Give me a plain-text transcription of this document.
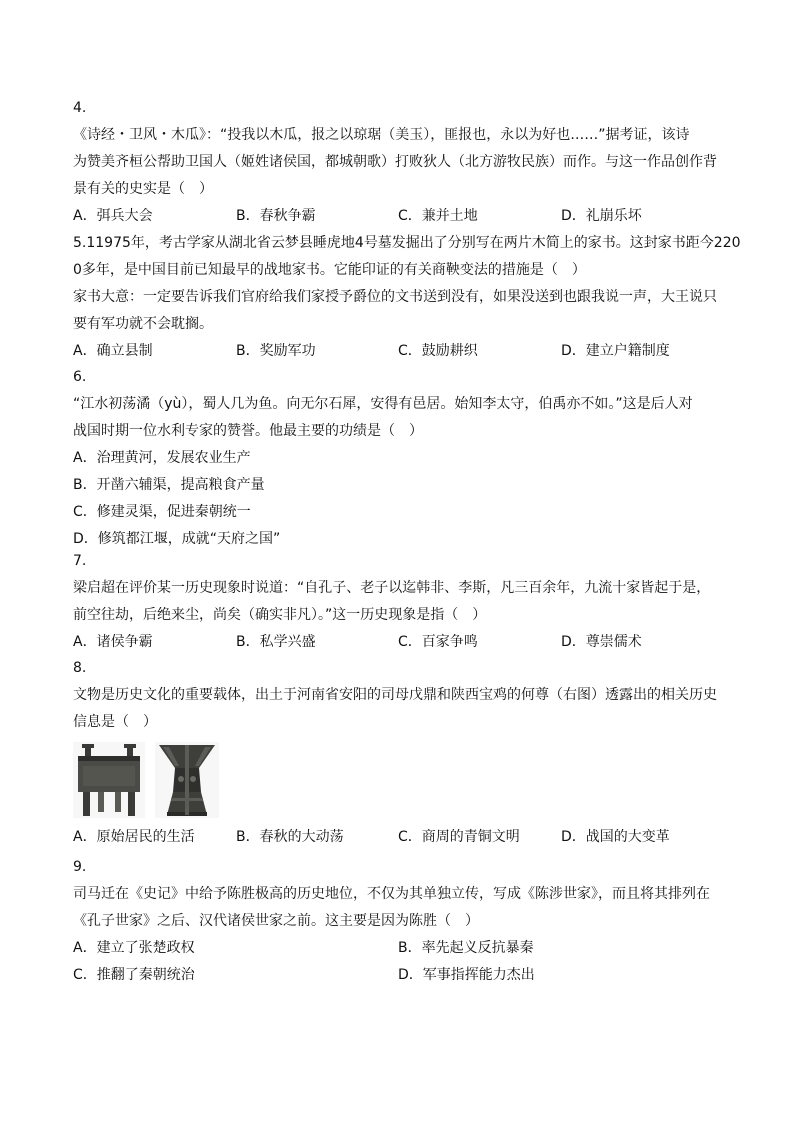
4.
《诗经・卫风・木瓜》：“投我以木瓜，报之以琼琚（美玉），匪报也，永以为好也……”据考证，该诗
为赞美齐桓公帮助卫国人（姬姓诸侯国，都城朝歌）打败狄人（北方游牧民族）而作。与这一作品创作背
景有关的史实是（　）
A．弭兵大会	B．春秋争霸	C．兼并土地	D．礼崩乐坏
5.11975年，考古学家从湖北省云梦县睡虎地4号墓发掘出了分别写在两片木简上的家书。这封家书距今220
0多年，是中国目前已知最早的战地家书。它能印证的有关商鞅变法的措施是（　）
家书大意：一定要告诉我们官府给我们家授予爵位的文书送到没有，如果没送到也跟我说一声，大王说只
要有军功就不会耽搁。
A．确立县制	B．奖励军功	C．鼓励耕织	D．建立户籍制度
6.
“江水初荡潏（yù），蜀人几为鱼。向无尔石犀，安得有邑居。始知李太守，伯禹亦不如。”这是后人对
战国时期一位水利专家的赞誉。他最主要的功绩是（　）
A．治理黄河，发展农业生产
B．开凿六辅渠，提高粮食产量
C．修建灵渠，促进秦朝统一
D．修筑都江堰，成就“天府之国”
7.
梁启超在评价某一历史现象时说道：“自孔子、老子以迄韩非、李斯，凡三百余年，九流十家皆起于是，
前空往劫，后绝来尘，尚矣（确实非凡）。”这一历史现象是指（　）
A．诸侯争霸	B．私学兴盛	C．百家争鸣	D．尊崇儒术
8.
文物是历史文化的重要载体，出土于河南省安阳的司母戊鼎和陕西宝鸡的何尊（右图）透露出的相关历史
信息是（　）
A．原始居民的生活	B．春秋的大动荡	C．商周的青铜文明	D．战国的大变革
9.
司马迁在《史记》中给予陈胜极高的历史地位，不仅为其单独立传，写成《陈涉世家》，而且将其排列在
《孔子世家》之后、汉代诸侯世家之前。这主要是因为陈胜（　）
A．建立了张楚政权	B．率先起义反抗暴秦
C．推翻了秦朝统治	D．军事指挥能力杰出
